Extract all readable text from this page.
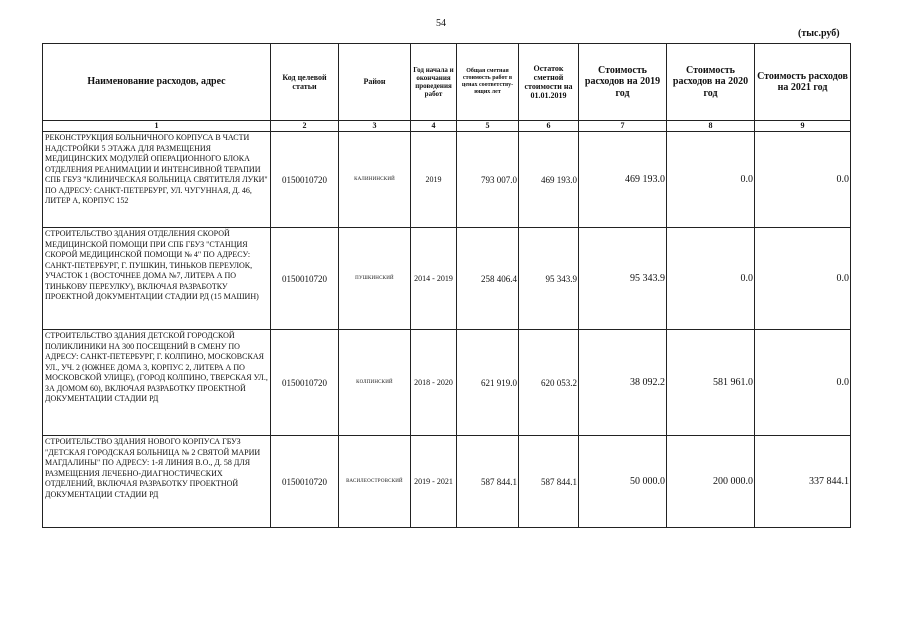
54
(тыс.руб)
Наименование расходов, адрес	Код целевой статьи	Район	Год начала и окончания проведения работ	Общая сметная стоимость работ в ценах соответству-ющих лет	Остаток сметной стоимости на 01.01.2019	Стоимость расходов на 2019 год	Стоимость расходов на 2020 год	Стоимость расходов на 2021 год
1	2	3	4	5	6	7	8	9
РЕКОНСТРУКЦИЯ БОЛЬНИЧНОГО КОРПУСА В ЧАСТИ НАДСТРОЙКИ 5 ЭТАЖА ДЛЯ РАЗМЕЩЕНИЯ МЕДИЦИНСКИХ МОДУЛЕЙ ОПЕРАЦИОННОГО БЛОКА ОТДЕЛЕНИЯ РЕАНИМАЦИИ И ИНТЕНСИВНОЙ ТЕРАПИИ СПБ ГБУЗ "КЛИНИЧЕСКАЯ БОЛЬНИЦА СВЯТИТЕЛЯ ЛУКИ" ПО АДРЕСУ: САНКТ-ПЕТЕРБУРГ, УЛ. ЧУГУННАЯ, Д. 46, ЛИТЕР А, КОРПУС 152	0150010720	КАЛИНИНСКИЙ	2019	793 007.0	469 193.0	469 193.0	0.0	0.0
СТРОИТЕЛЬСТВО ЗДАНИЯ ОТДЕЛЕНИЯ СКОРОЙ МЕДИЦИНСКОЙ ПОМОЩИ ПРИ СПБ ГБУЗ "СТАНЦИЯ СКОРОЙ МЕДИЦИНСКОЙ ПОМОЩИ № 4" ПО АДРЕСУ: САНКТ-ПЕТЕРБУРГ, Г. ПУШКИН, ТИНЬКОВ ПЕРЕУЛОК, УЧАСТОК 1 (ВОСТОЧНЕЕ ДОМА №7, ЛИТЕРА А ПО ТИНЬКОВУ ПЕРЕУЛКУ), ВКЛЮЧАЯ РАЗРАБОТКУ ПРОЕКТНОЙ ДОКУМЕНТАЦИИ СТАДИИ РД (15 МАШИН)	0150010720	ПУШКИНСКИЙ	2014 - 2019	258 406.4	95 343.9	95 343.9	0.0	0.0
СТРОИТЕЛЬСТВО ЗДАНИЯ ДЕТСКОЙ ГОРОДСКОЙ ПОЛИКЛИНИКИ НА 300 ПОСЕЩЕНИЙ В СМЕНУ ПО АДРЕСУ: САНКТ-ПЕТЕРБУРГ, Г. КОЛПИНО, МОСКОВСКАЯ УЛ., УЧ. 2 (ЮЖНЕЕ ДОМА 3, КОРПУС 2, ЛИТЕРА А ПО МОСКОВСКОЙ УЛИЦЕ), (ГОРОД КОЛПИНО, ТВЕРСКАЯ УЛ., ЗА ДОМОМ 60), ВКЛЮЧАЯ РАЗРАБОТКУ ПРОЕКТНОЙ ДОКУМЕНТАЦИИ СТАДИИ РД	0150010720	КОЛПИНСКИЙ	2018 - 2020	621 919.0	620 053.2	38 092.2	581 961.0	0.0
СТРОИТЕЛЬСТВО ЗДАНИЯ НОВОГО КОРПУСА ГБУЗ "ДЕТСКАЯ ГОРОДСКАЯ БОЛЬНИЦА № 2 СВЯТОЙ МАРИИ МАГДАЛИНЫ" ПО АДРЕСУ: 1-Я ЛИНИЯ В.О., Д. 58 ДЛЯ РАЗМЕЩЕНИЯ ЛЕЧЕБНО-ДИАГНОСТИЧЕСКИХ ОТДЕЛЕНИЙ, ВКЛЮЧАЯ РАЗРАБОТКУ ПРОЕКТНОЙ ДОКУМЕНТАЦИИ СТАДИИ РД	0150010720	ВАСИЛЕОСТРОВСКИЙ	2019 - 2021	587 844.1	587 844.1	50 000.0	200 000.0	337 844.1
